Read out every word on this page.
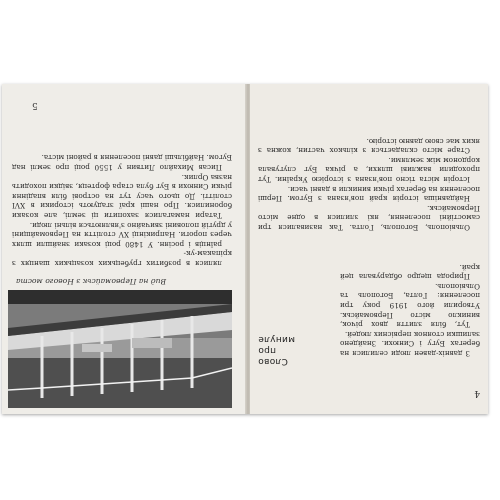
Вид на Первомайськ з Нового моста

лялися в розбитих грубецьких козацьких шанцях з кріпакам-ук-

раїнців і росіян. У 1480 році козаки знайшли шлях через пороги. Наприкінці XV століття на Первомайщині у другій половині звичайно з'являються вільні люди.

Татари намагалися захопити ці землі, але козаки боронилися. Про наші краї згадують історики в XVI столітті. До цього часу тут на острові біля впадіння річки Синюхи в Буг була стара фортеця, звідки походить назва Орлик.

Писав Михайло Литвин у 1550 році про землі над Бугом. Найбільші давні поселення в районі міста.

5
4
Слово
про
минуле

З давніх-давен люди селилися на берегах Бугу і Синюхи. Знайдено залишки стоянок первісних людей.

Тут, біля злиття двох річок, виникло місто Первомайськ. Утворили його 1919 року три поселення: Голта, Богополь та Ольвіополь.

Природа щедро обдарувала цей край.

Ольвіополь, Богополь, Голта. Так називалися три самостійні поселення, які злилися в одне місто Первомайськ.

Найдавніша історія край пов'язана з Бугом. Перші поселення на берегах річки виникли в давні часи.

Історія міста тісно пов'язана з історією України. Тут проходили важливі шляхи, а річка Буг слугувала кордоном між землями.

Старе місто складається з кількох частин, кожна з яких має свою давню історію.
